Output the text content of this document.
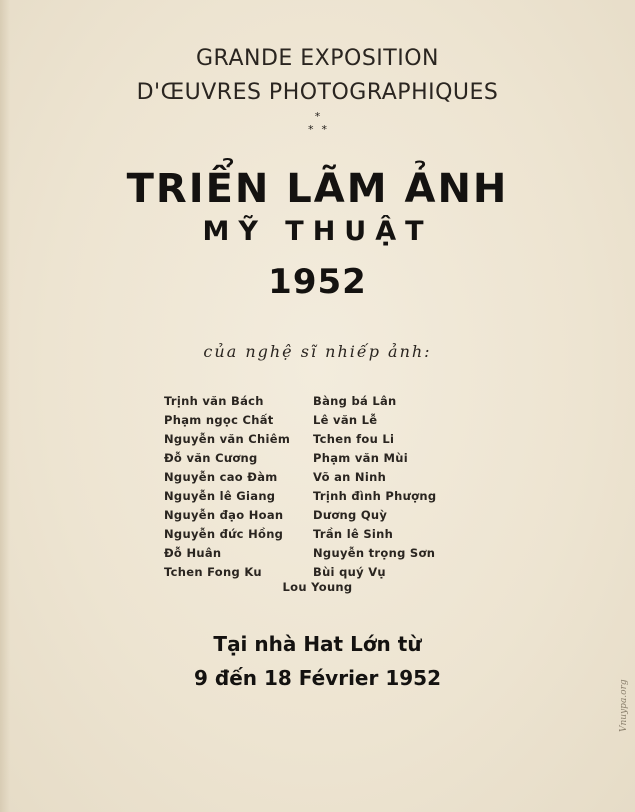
GRANDE EXPOSITION
D'ŒUVRES PHOTOGRAPHIQUES
*
**
TRIỂN LÃM ẢNH
MỸ THUẬT
1952
của nghệ sĩ nhiếp ảnh:
Trịnh văn Bách
Phạm ngọc Chất
Nguyễn văn Chiêm
Đỗ văn Cương
Nguyễn cao Đàm
Nguyễn lê Giang
Nguyễn đạo Hoan
Nguyễn đức Hồng
Đỗ Huân
Tchen Fong Ku
Bàng bá Lân
Lê văn Lễ
Tchen fou Li
Phạm văn Mùi
Võ an Ninh
Trịnh đình Phượng
Dương Quỳ
Trần lê Sinh
Nguyễn trọng Sơn
Bùi quý Vụ
Lou Young
Tại nhà Hat Lớn từ
9 đến 18 Février 1952
Vnuypa.org
